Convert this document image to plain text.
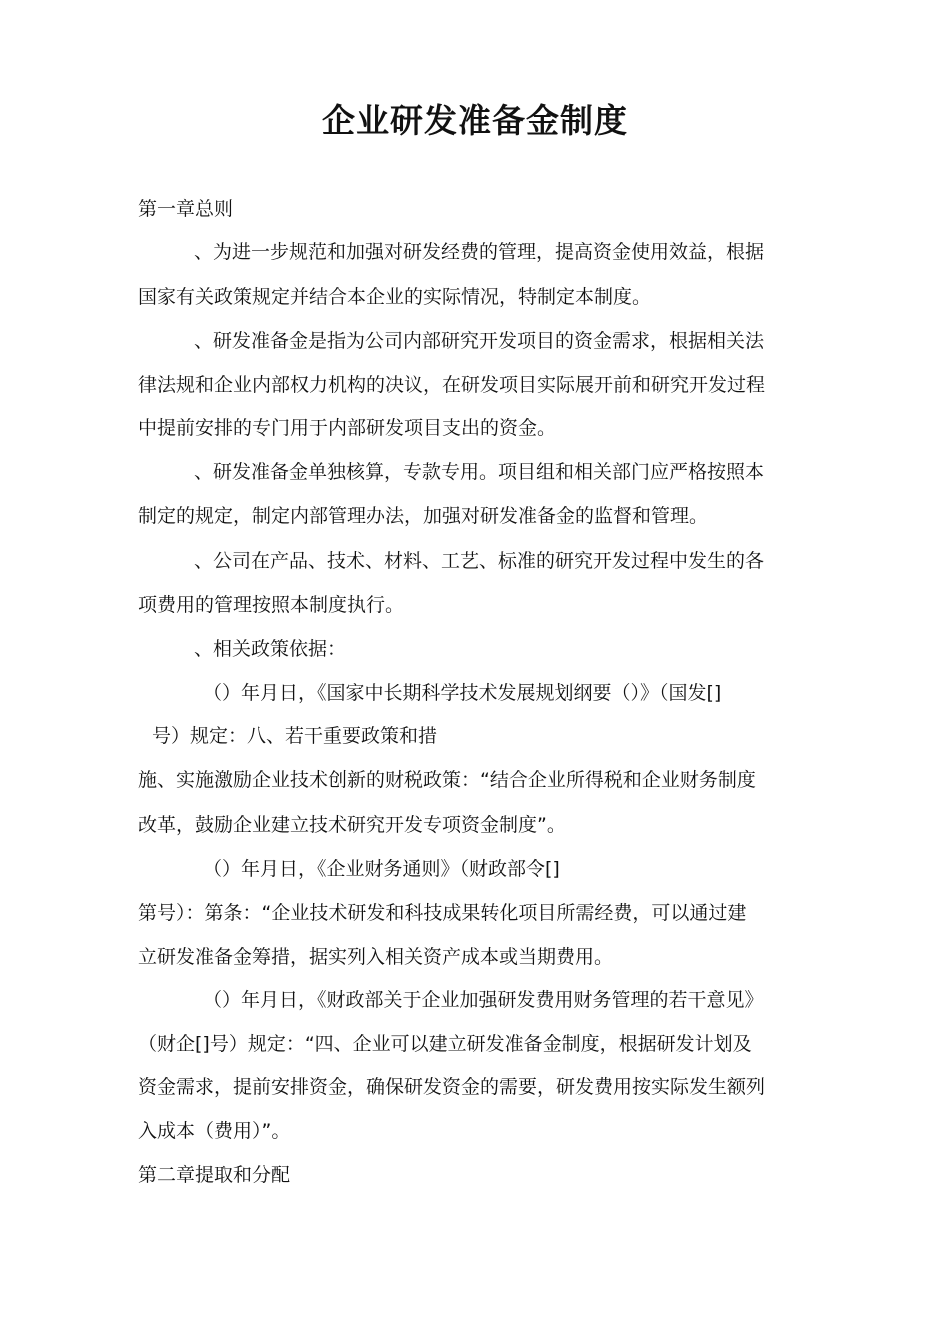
企业研发准备金制度
第一章总则
、为进一步规范和加强对研发经费的管理，提高资金使用效益，根据
国家有关政策规定并结合本企业的实际情况，特制定本制度。
、研发准备金是指为公司内部研究开发项目的资金需求，根据相关法
律法规和企业内部权力机构的决议，在研发项目实际展开前和研究开发过程
中提前安排的专门用于内部研发项目支出的资金。
、研发准备金单独核算，专款专用。项目组和相关部门应严格按照本
制定的规定，制定内部管理办法，加强对研发准备金的监督和管理。
、公司在产品、技术、材料、工艺、标准的研究开发过程中发生的各
项费用的管理按照本制度执行。
、相关政策依据：
（）年月日，《国家中长期科学技术发展规划纲要（）》（国发[]
号）规定：八、若干重要政策和措
施、实施激励企业技术创新的财税政策：“结合企业所得税和企业财务制度
改革，鼓励企业建立技术研究开发专项资金制度”。
（）年月日，《企业财务通则》（财政部令[]
第号）：第条：“企业技术研发和科技成果转化项目所需经费，可以通过建
立研发准备金筹措，据实列入相关资产成本或当期费用。
（）年月日，《财政部关于企业加强研发费用财务管理的若干意见》
（财企[]号）规定：“四、企业可以建立研发准备金制度，根据研发计划及
资金需求，提前安排资金，确保研发资金的需要，研发费用按实际发生额列
入成本（费用）”。
第二章提取和分配
